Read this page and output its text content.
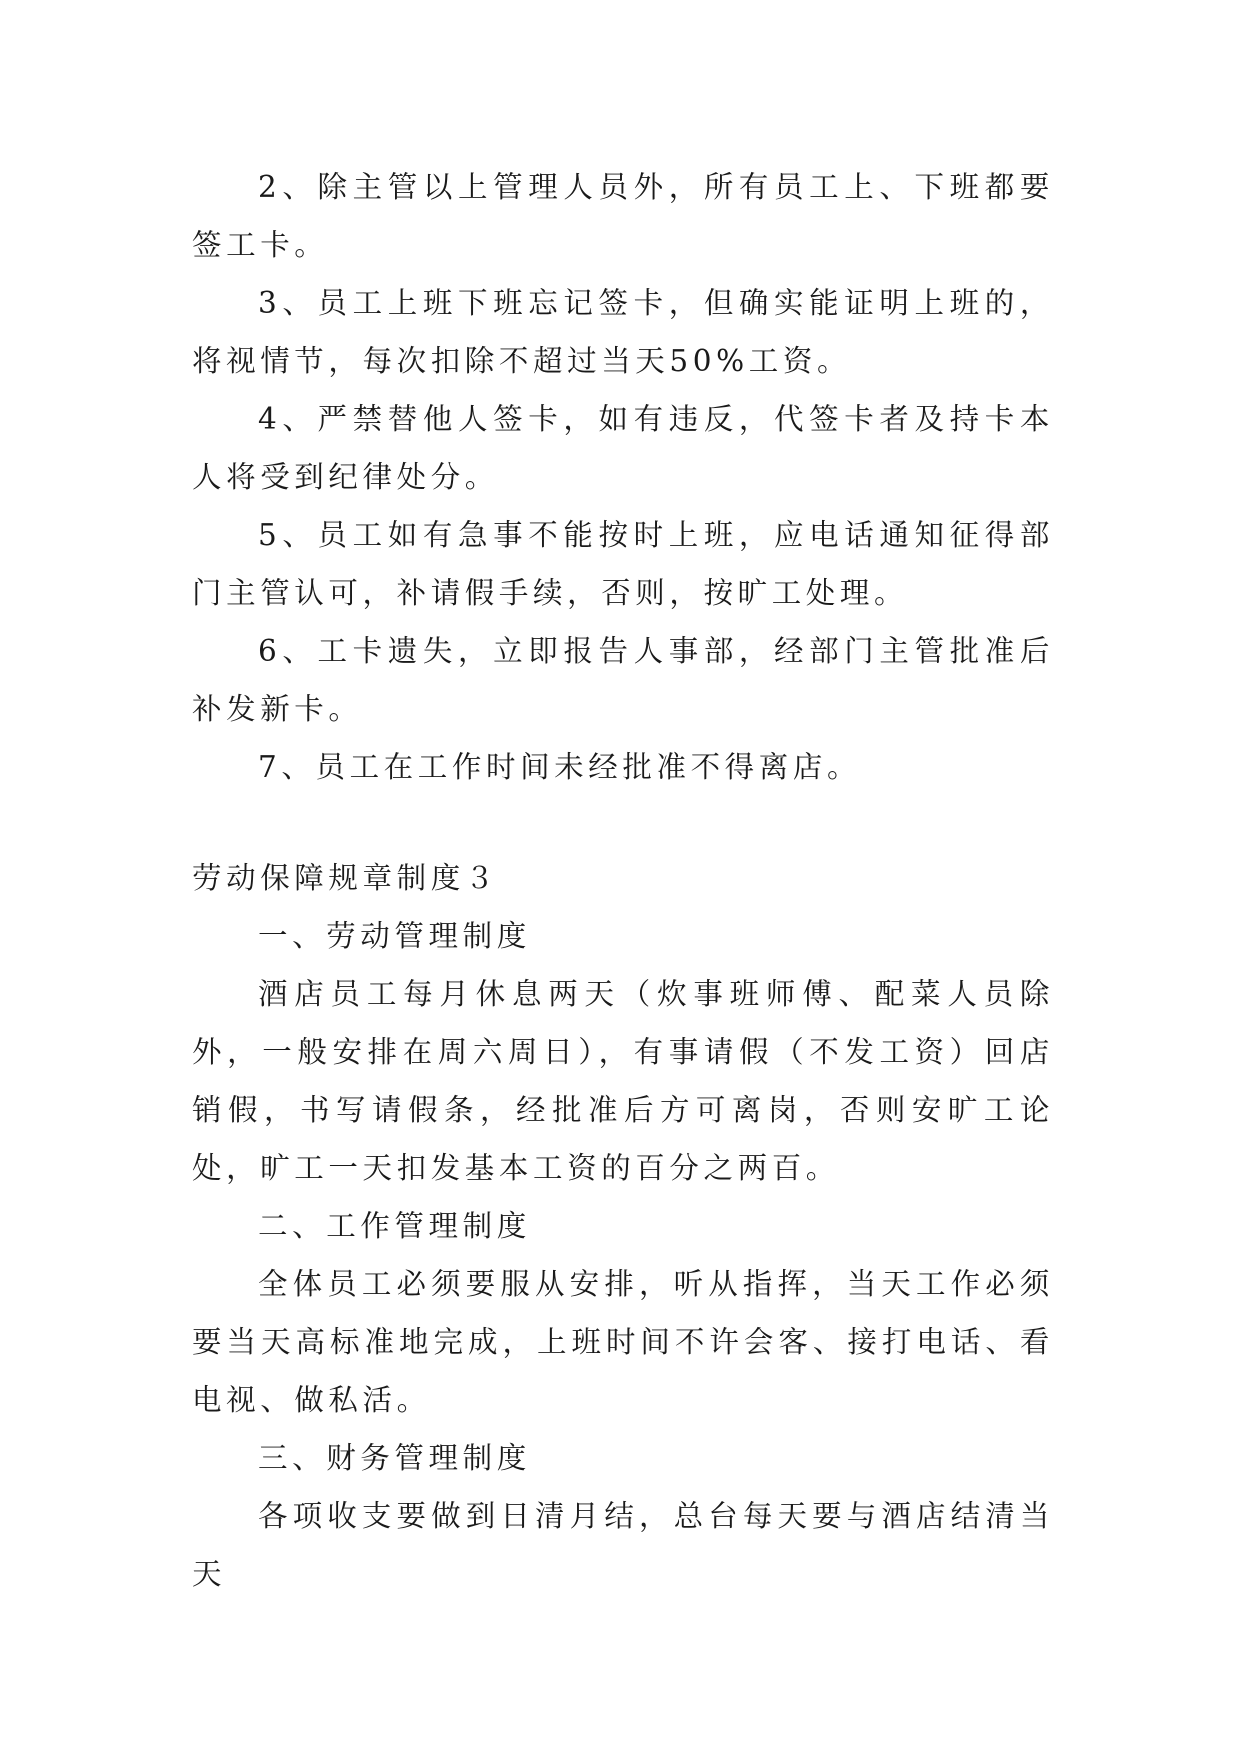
2、除主管以上管理人员外，所有员工上、下班都要签工卡。

3、员工上班下班忘记签卡，但确实能证明上班的，将视情节，每次扣除不超过当天50%工资。

4、严禁替他人签卡，如有违反，代签卡者及持卡本人将受到纪律处分。

5、员工如有急事不能按时上班，应电话通知征得部门主管认可，补请假手续，否则，按旷工处理。

6、工卡遗失，立即报告人事部，经部门主管批准后补发新卡。

7、员工在工作时间未经批准不得离店。

劳动保障规章制度３

一、劳动管理制度

酒店员工每月休息两天（炊事班师傅、配菜人员除外，一般安排在周六周日），有事请假（不发工资）回店销假，书写请假条，经批准后方可离岗，否则安旷工论处，旷工一天扣发基本工资的百分之两百。

二、工作管理制度

全体员工必须要服从安排，听从指挥，当天工作必须要当天高标准地完成，上班时间不许会客、接打电话、看电视、做私活。

三、财务管理制度

各项收支要做到日清月结，总台每天要与酒店结清当天
